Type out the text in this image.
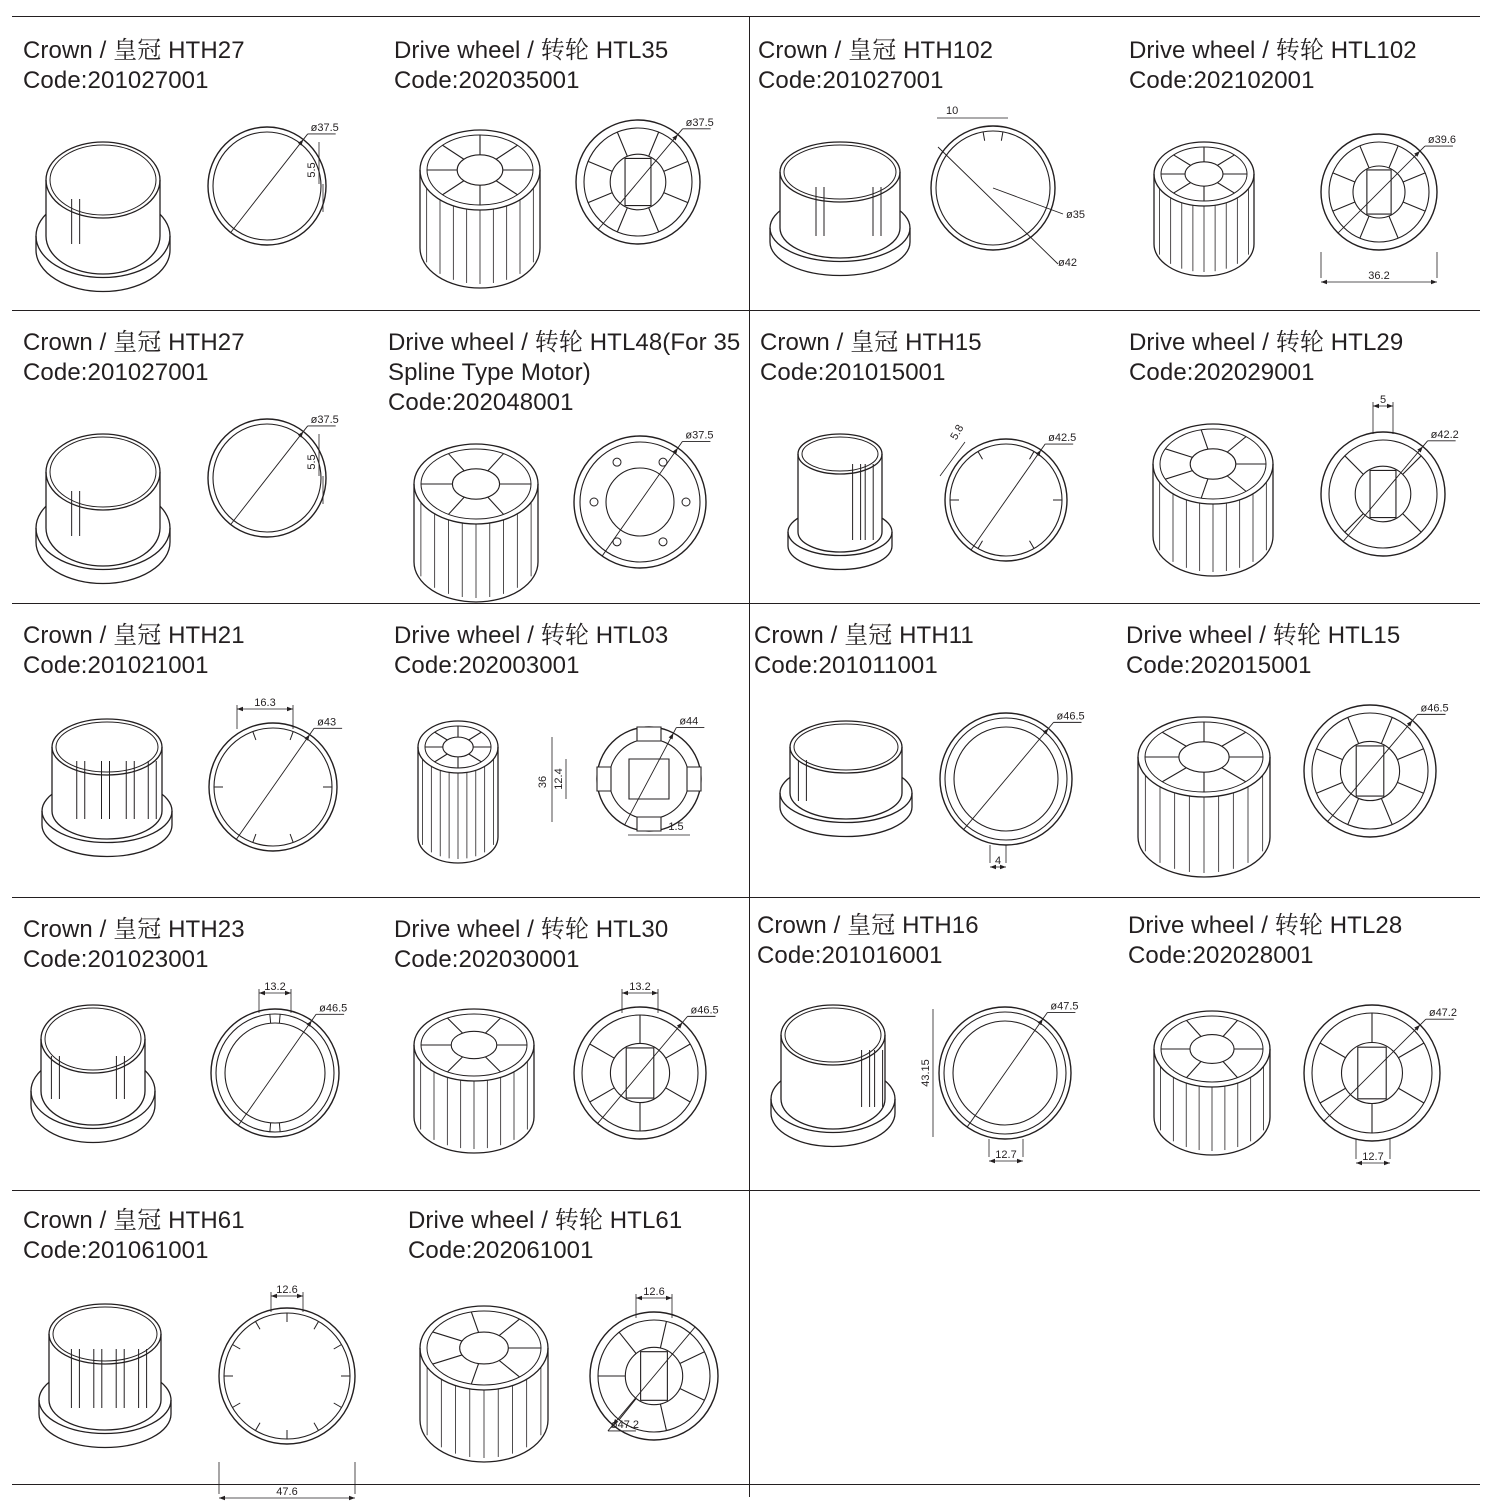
Crown / 皇冠 HTH27
Code:201027001
ø37.5
5.5
Drive wheel / 转轮 HTL35
Code:202035001
ø37.5
Crown / 皇冠 HTH102
Code:201027001
10
ø35
ø42
Drive wheel / 转轮 HTL102
Code:202102001
ø39.6
36.2
Crown / 皇冠 HTH27
Code:201027001
ø37.5
5.5
Drive wheel / 转轮 HTL48(For 35
Spline Type Motor)
Code:202048001
ø37.5
Crown / 皇冠 HTH15
Code:201015001
ø42.5
5.8
Drive wheel / 转轮 HTL29
Code:202029001
ø42.2
5
Crown / 皇冠 HTH21
Code:201021001
ø43
16.3
Drive wheel / 转轮 HTL03
Code:202003001
ø44
36 12.4
1.5
Crown / 皇冠 HTH11
Code:201011001
ø46.5
4
Drive wheel / 转轮 HTL15
Code:202015001
ø46.5
Crown / 皇冠 HTH23
Code:201023001
ø46.5
13.2
Drive wheel / 转轮 HTL30
Code:202030001
ø46.5
13.2
Crown / 皇冠 HTH16
Code:201016001
ø47.5
43.15
12.7
Drive wheel / 转轮 HTL28
Code:202028001
ø47.2
12.7
Crown / 皇冠 HTH61
Code:201061001
12.6
47.6
Drive wheel / 转轮 HTL61
Code:202061001
12.6
ø47.2
